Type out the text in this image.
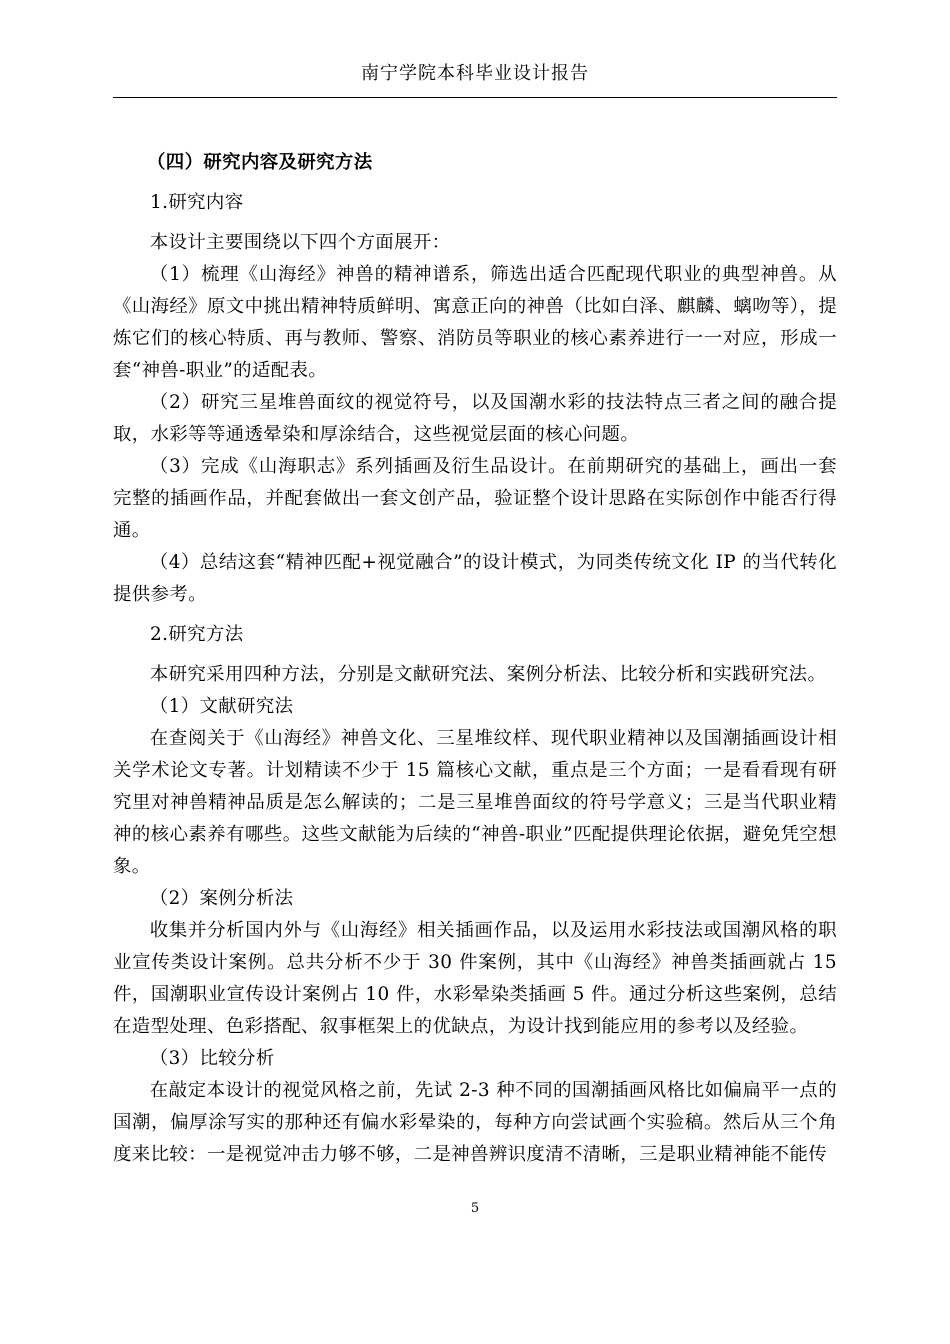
南宁学院本科毕业设计报告

（四）研究内容及研究方法

1.研究内容

本设计主要围绕以下四个方面展开：

（1）梳理《山海经》神兽的精神谱系，筛选出适合匹配现代职业的典型神兽。从《山海经》原文中挑出精神特质鲜明、寓意正向的神兽（比如白泽、麒麟、螭吻等），提炼它们的核心特质、再与教师、警察、消防员等职业的核心素养进行一一对应，形成一套“神兽-职业”的适配表。

（2）研究三星堆兽面纹的视觉符号，以及国潮水彩的技法特点三者之间的融合提取，水彩等等通透晕染和厚涂结合，这些视觉层面的核心问题。

（3）完成《山海职志》系列插画及衍生品设计。在前期研究的基础上，画出一套完整的插画作品，并配套做出一套文创产品，验证整个设计思路在实际创作中能否行得通。

（4）总结这套“精神匹配+视觉融合”的设计模式，为同类传统文化 IP 的当代转化提供参考。

2.研究方法

本研究采用四种方法，分别是文献研究法、案例分析法、比较分析和实践研究法。

（1）文献研究法

在查阅关于《山海经》神兽文化、三星堆纹样、现代职业精神以及国潮插画设计相关学术论文专著。计划精读不少于 15 篇核心文献，重点是三个方面；一是看看现有研究里对神兽精神品质是怎么解读的；二是三星堆兽面纹的符号学意义；三是当代职业精神的核心素养有哪些。这些文献能为后续的“神兽-职业”匹配提供理论依据，避免凭空想象。

（2）案例分析法

收集并分析国内外与《山海经》相关插画作品，以及运用水彩技法或国潮风格的职业宣传类设计案例。总共分析不少于 30 件案例，其中《山海经》神兽类插画就占 15 件，国潮职业宣传设计案例占 10 件，水彩晕染类插画 5 件。通过分析这些案例，总结在造型处理、色彩搭配、叙事框架上的优缺点，为设计找到能应用的参考以及经验。

（3）比较分析

在敲定本设计的视觉风格之前，先试 2-3 种不同的国潮插画风格比如偏扁平一点的国潮，偏厚涂写实的那种还有偏水彩晕染的，每种方向尝试画个实验稿。然后从三个角度来比较：一是视觉冲击力够不够，二是神兽辨识度清不清晰，三是职业精神能不能传

5
